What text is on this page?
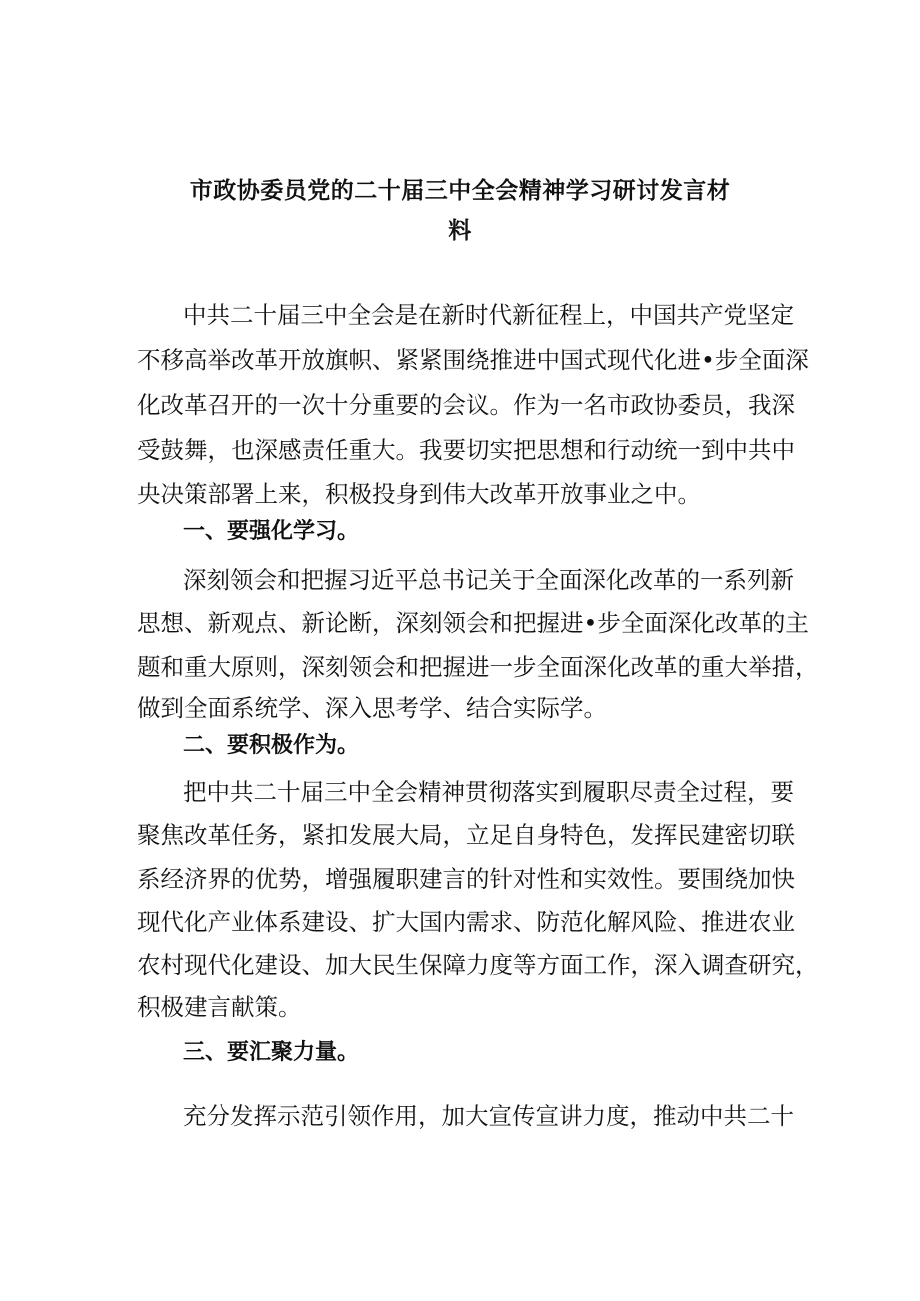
市政协委员党的二十届三中全会精神学习研讨发言材
料
中共二十届三中全会是在新时代新征程上，中国共产党坚定
不移高举改革开放旗帜、紧紧围绕推进中国式现代化进•步全面深
化改革召开的一次十分重要的会议。作为一名市政协委员，我深
受鼓舞，也深感责任重大。我要切实把思想和行动统一到中共中
央决策部署上来，积极投身到伟大改革开放事业之中。
一、要强化学习。
深刻领会和把握习近平总书记关于全面深化改革的一系列新
思想、新观点、新论断，深刻领会和把握进•步全面深化改革的主
题和重大原则，深刻领会和把握进一步全面深化改革的重大举措，
做到全面系统学、深入思考学、结合实际学。
二、要积极作为。
把中共二十届三中全会精神贯彻落实到履职尽责全过程，要
聚焦改革任务，紧扣发展大局，立足自身特色，发挥民建密切联
系经济界的优势，增强履职建言的针对性和实效性。要围绕加快
现代化产业体系建设、扩大国内需求、防范化解风险、推进农业
农村现代化建设、加大民生保障力度等方面工作，深入调查研究，
积极建言献策。
三、要汇聚力量。
充分发挥示范引领作用，加大宣传宣讲力度，推动中共二十
